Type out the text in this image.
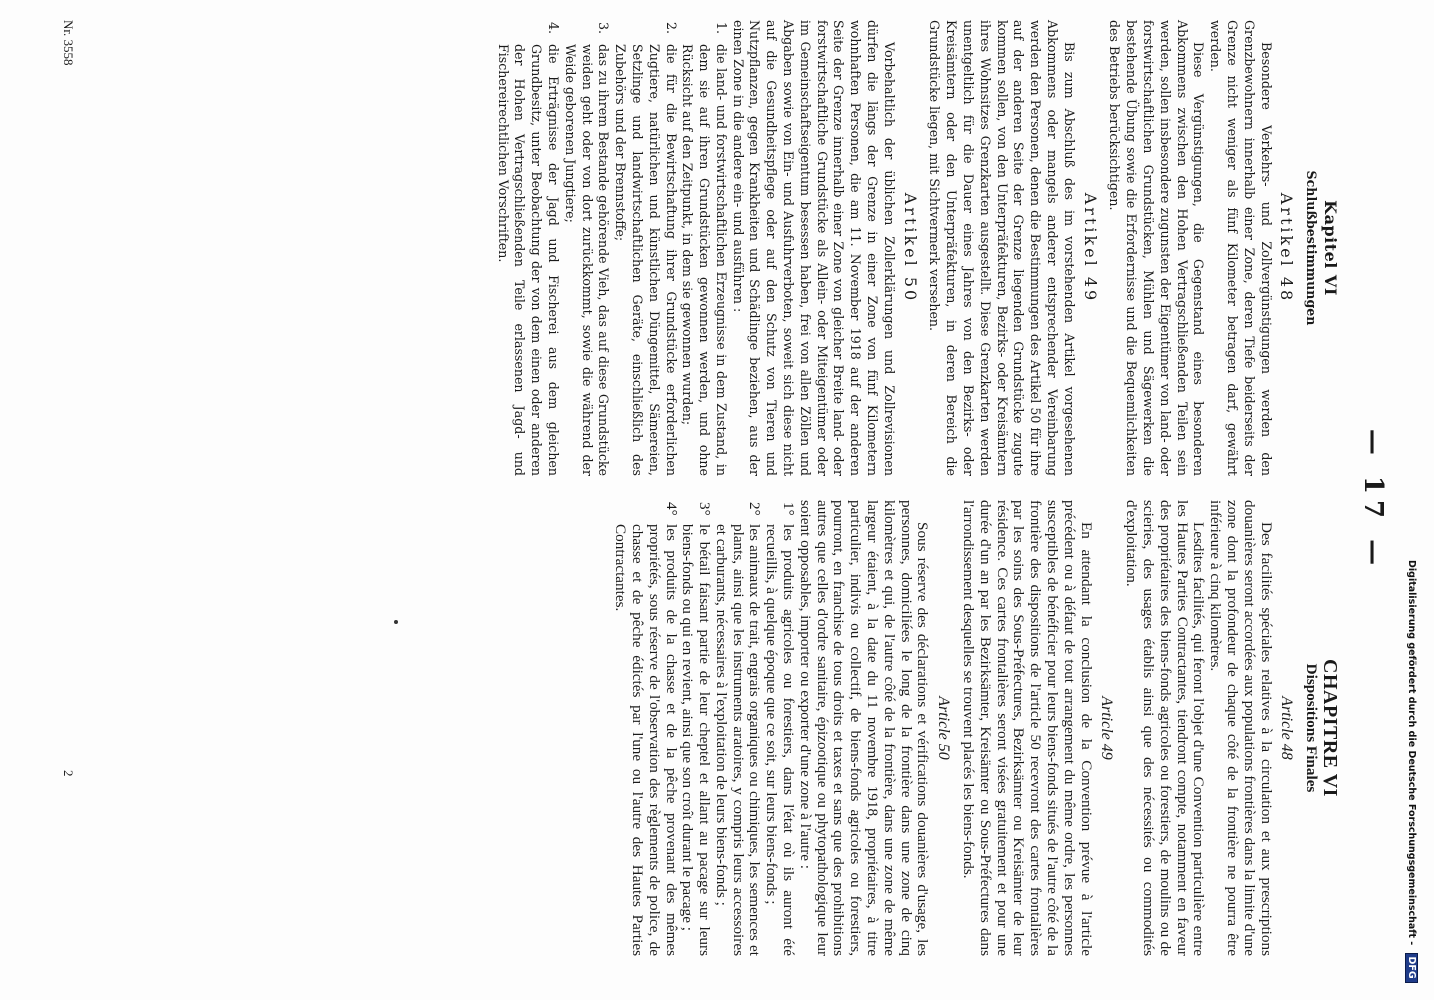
— 17 —
CHAPITRE VI
Dispositions Finales
Article 48

Des facilités spéciales relatives à la circulation et aux prescriptions douanières seront accordées aux populations frontières dans la limite d'une zone dont la profondeur de chaque côté de la frontière ne pourra être inférieure à cinq kilomètres.

Lesdites facilités, qui feront l'objet d'une Convention particulière entre les Hautes Parties Contractantes, tiendront compte, notamment en faveur des propriétaires des biens-fonds agricoles ou forestiers, de moulins ou de scieries, des usages établis ainsi que des nécessités ou commodités d'exploitation.

Article 49

En attendant la conclusion de la Convention prévue à l'article précédent ou à défaut de tout arrangement du même ordre, les personnes susceptibles de bénéficier pour leurs biens-fonds situés de l'autre côté de la frontière des dispositions de l'article 50 recevront des cartes frontalières par les soins des Sous-Préfectures, Bezirksämter ou Kreisämter de leur résidence. Ces cartes frontalières seront visées gratuitement et pour une durée d'un an par les Bezirksämter, Kreisämter ou Sous-Préfectures dans l'arrondissement desquelles se trouvent placés les biens-fonds.

Article 50

Sous réserve des déclarations et vérifications douanières d'usage, les personnes, domiciliées le long de la frontière dans une zone de cinq kilomètres et qui, de l'autre côté de la frontière, dans une zone de même largeur étaient, à la date du 11 novembre 1918, propriétaires, à titre particulier, indivis ou collectif, de biens-fonds agricoles ou forestiers, pourront, en franchise de tous droits et taxes et sans que des prohibitions autres que celles d'ordre sanitaire, épizootique ou phytopathologique leur soient opposables, importer ou exporter d'une zone à l'autre :

1°
les produits agricoles ou forestiers, dans l'état où ils auront été recueillis, à quelque époque que ce soit, sur leurs biens-fonds ;
2°
les animaux de trait, engrais organiques ou chimiques, les semences et plants, ainsi que les instruments aratoires, y compris leurs accessoires et carburants, nécessaires à l'exploitation de leurs biens-fonds ;
3°
le bétail faisant partie de leur cheptel et allant au pacage sur leurs biens-fonds ou qui en revient, ainsi que son croît durant le pacage ;
4°
les produits de la chasse et de la pêche provenant des mêmes propriétés, sous réserve de l'observation des règlements de police, de chasse et de pêche édictés par l'une ou l'autre des Hautes Parties Contractantes.
Kapitel VI
Schlußbestimmungen
Artikel 48

Besondere Verkehrs- und Zollvergünstigungen werden den Grenzbewohnern innerhalb einer Zone, deren Tiefe beiderseits der Grenze nicht weniger als fünf Kilometer betragen darf, gewährt werden.

Diese Vergünstigungen, die Gegenstand eines besonderen Abkommens zwischen den Hohen Vertragschließenden Teilen sein werden, sollen insbesondere zugunsten der Eigentümer von land- oder forstwirtschaftlichen Grundstücken, Mühlen und Sägewerken die bestehende Übung sowie die Erfordernisse und die Bequemlichkeiten des Betriebs berücksichtigen.

Artikel 49

Bis zum Abschluß des im vorstehenden Artikel vorgesehenen Abkommens oder mangels anderer entsprechender Vereinbarung werden den Personen, denen die Bestimmungen des Artikel 50 für ihre auf der anderen Seite der Grenze liegenden Grundstücke zugute kommen sollen, von den Unterpräfekturen, Bezirks- oder Kreisämtern ihres Wohnsitzes Grenzkarten ausgestellt. Diese Grenzkarten werden unentgeltlich für die Dauer eines Jahres von den Bezirks- oder Kreisämtern oder den Unterpräfekturen, in deren Bereich die Grundstücke liegen, mit Sichtvermerk versehen.

Artikel 50

Vorbehaltlich der üblichen Zollerklärungen und Zollrevisionen dürfen die längs der Grenze in einer Zone von fünf Kilometern wohnhaften Personen, die am 11. November 1918 auf der anderen Seite der Grenze innerhalb einer Zone von gleicher Breite land- oder forstwirtschaftliche Grundstücke als Allein- oder Miteigentümer oder im Gemeinschaftseigentum besessen haben, frei von allen Zöllen und Abgaben sowie von Ein- und Ausfuhrverboten, soweit sich diese nicht auf die Gesundheitspflege oder auf den Schutz von Tieren und Nutzpflanzen, gegen Krankheiten und Schädlinge beziehen, aus der einen Zone in die andere ein- und ausführen :

1.
die land- und forstwirtschaftlichen Erzeugnisse in dem Zustand, in dem sie auf ihren Grundstücken gewonnen werden, und ohne Rücksicht auf den Zeitpunkt, in dem sie gewonnen wurden;
2.
die für die Bewirtschaftung ihrer Grundstücke erforderlichen Zugtiere, natürlichen und künstlichen Düngemittel, Sämereien, Setzlinge und landwirtschaftlichen Geräte, einschließlich des Zubehörs und der Brennstoffe;
3.
das zu ihrem Bestande gehörende Vieh, das auf diese Grundstücke weiden geht oder von dort zurückkommt, sowie die während der Weide geborenen Jungtiere;
4.
die Erträgnisse der Jagd und Fischerei aus dem gleichen Grundbesitz, unter Beobachtung der von dem einen oder anderen der Hohen Vertragschließenden Teile erlassenen Jagd- und Fischereirechtlichen Vorschriften.
Nr. 3558
2	Digitalisierung gefördert durch die Deutsche Forschungsgemeinschaft - DFG
